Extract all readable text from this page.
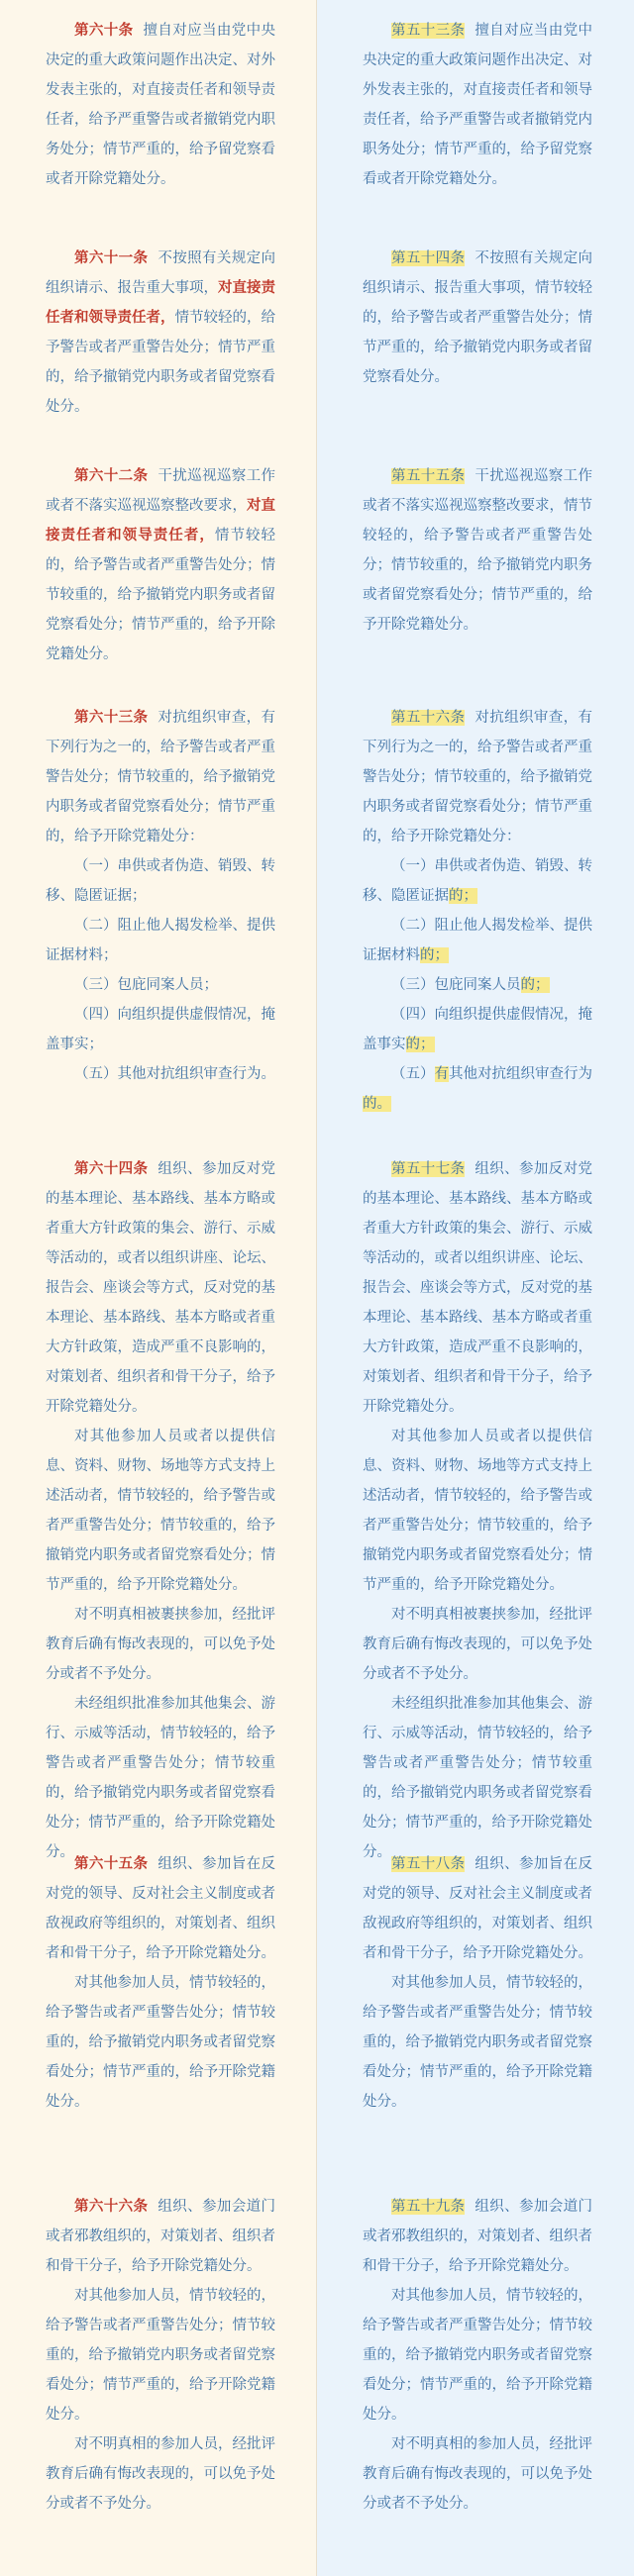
第六十条 擅自对应当由党中央决定的重大政策问题作出决定、对外发表主张的，对直接责任者和领导责任者，给予严重警告或者撤销党内职务处分；情节严重的，给予留党察看或者开除党籍处分。

第六十一条 不按照有关规定向组织请示、报告重大事项，对直接责任者和领导责任者，情节较轻的，给予警告或者严重警告处分；情节严重的，给予撤销党内职务或者留党察看处分。

第六十二条 干扰巡视巡察工作或者不落实巡视巡察整改要求，对直接责任者和领导责任者，情节较轻的，给予警告或者严重警告处分；情节较重的，给予撤销党内职务或者留党察看处分；情节严重的，给予开除党籍处分。

第六十三条 对抗组织审查，有下列行为之一的，给予警告或者严重警告处分；情节较重的，给予撤销党内职务或者留党察看处分；情节严重的，给予开除党籍处分：

（一）串供或者伪造、销毁、转移、隐匿证据；

（二）阻止他人揭发检举、提供证据材料；

（三）包庇同案人员；

（四）向组织提供虚假情况，掩盖事实；

（五）其他对抗组织审查行为。

第六十四条 组织、参加反对党的基本理论、基本路线、基本方略或者重大方针政策的集会、游行、示威等活动的，或者以组织讲座、论坛、报告会、座谈会等方式，反对党的基本理论、基本路线、基本方略或者重大方针政策，造成严重不良影响的，对策划者、组织者和骨干分子，给予开除党籍处分。

对其他参加人员或者以提供信息、资料、财物、场地等方式支持上述活动者，情节较轻的，给予警告或者严重警告处分；情节较重的，给予撤销党内职务或者留党察看处分；情节严重的，给予开除党籍处分。

对不明真相被裹挟参加，经批评教育后确有悔改表现的，可以免予处分或者不予处分。

未经组织批准参加其他集会、游行、示威等活动，情节较轻的，给予警告或者严重警告处分；情节较重的，给予撤销党内职务或者留党察看处分；情节严重的，给予开除党籍处分。

第六十五条 组织、参加旨在反对党的领导、反对社会主义制度或者敌视政府等组织的，对策划者、组织者和骨干分子，给予开除党籍处分。

对其他参加人员，情节较轻的，给予警告或者严重警告处分；情节较重的，给予撤销党内职务或者留党察看处分；情节严重的，给予开除党籍处分。

第六十六条 组织、参加会道门或者邪教组织的，对策划者、组织者和骨干分子，给予开除党籍处分。

对其他参加人员，情节较轻的，给予警告或者严重警告处分；情节较重的，给予撤销党内职务或者留党察看处分；情节严重的，给予开除党籍处分。

对不明真相的参加人员，经批评教育后确有悔改表现的，可以免予处分或者不予处分。

第五十三条 擅自对应当由党中央决定的重大政策问题作出决定、对外发表主张的，对直接责任者和领导责任者，给予严重警告或者撤销党内职务处分；情节严重的，给予留党察看或者开除党籍处分。

第五十四条 不按照有关规定向组织请示、报告重大事项，情节较轻的，给予警告或者严重警告处分；情节严重的，给予撤销党内职务或者留党察看处分。

第五十五条 干扰巡视巡察工作或者不落实巡视巡察整改要求，情节较轻的，给予警告或者严重警告处分；情节较重的，给予撤销党内职务或者留党察看处分；情节严重的，给予开除党籍处分。

第五十六条 对抗组织审查，有下列行为之一的，给予警告或者严重警告处分；情节较重的，给予撤销党内职务或者留党察看处分；情节严重的，给予开除党籍处分：

（一）串供或者伪造、销毁、转移、隐匿证据的；

（二）阻止他人揭发检举、提供证据材料的；

（三）包庇同案人员的；

（四）向组织提供虚假情况，掩盖事实的；

（五）有其他对抗组织审查行为的。

第五十七条 组织、参加反对党的基本理论、基本路线、基本方略或者重大方针政策的集会、游行、示威等活动的，或者以组织讲座、论坛、报告会、座谈会等方式，反对党的基本理论、基本路线、基本方略或者重大方针政策，造成严重不良影响的，对策划者、组织者和骨干分子，给予开除党籍处分。

对其他参加人员或者以提供信息、资料、财物、场地等方式支持上述活动者，情节较轻的，给予警告或者严重警告处分；情节较重的，给予撤销党内职务或者留党察看处分；情节严重的，给予开除党籍处分。

对不明真相被裹挟参加，经批评教育后确有悔改表现的，可以免予处分或者不予处分。

未经组织批准参加其他集会、游行、示威等活动，情节较轻的，给予警告或者严重警告处分；情节较重的，给予撤销党内职务或者留党察看处分；情节严重的，给予开除党籍处分。

第五十八条 组织、参加旨在反对党的领导、反对社会主义制度或者敌视政府等组织的，对策划者、组织者和骨干分子，给予开除党籍处分。

对其他参加人员，情节较轻的，给予警告或者严重警告处分；情节较重的，给予撤销党内职务或者留党察看处分；情节严重的，给予开除党籍处分。

第五十九条 组织、参加会道门或者邪教组织的，对策划者、组织者和骨干分子，给予开除党籍处分。

对其他参加人员，情节较轻的，给予警告或者严重警告处分；情节较重的，给予撤销党内职务或者留党察看处分；情节严重的，给予开除党籍处分。

对不明真相的参加人员，经批评教育后确有悔改表现的，可以免予处分或者不予处分。
